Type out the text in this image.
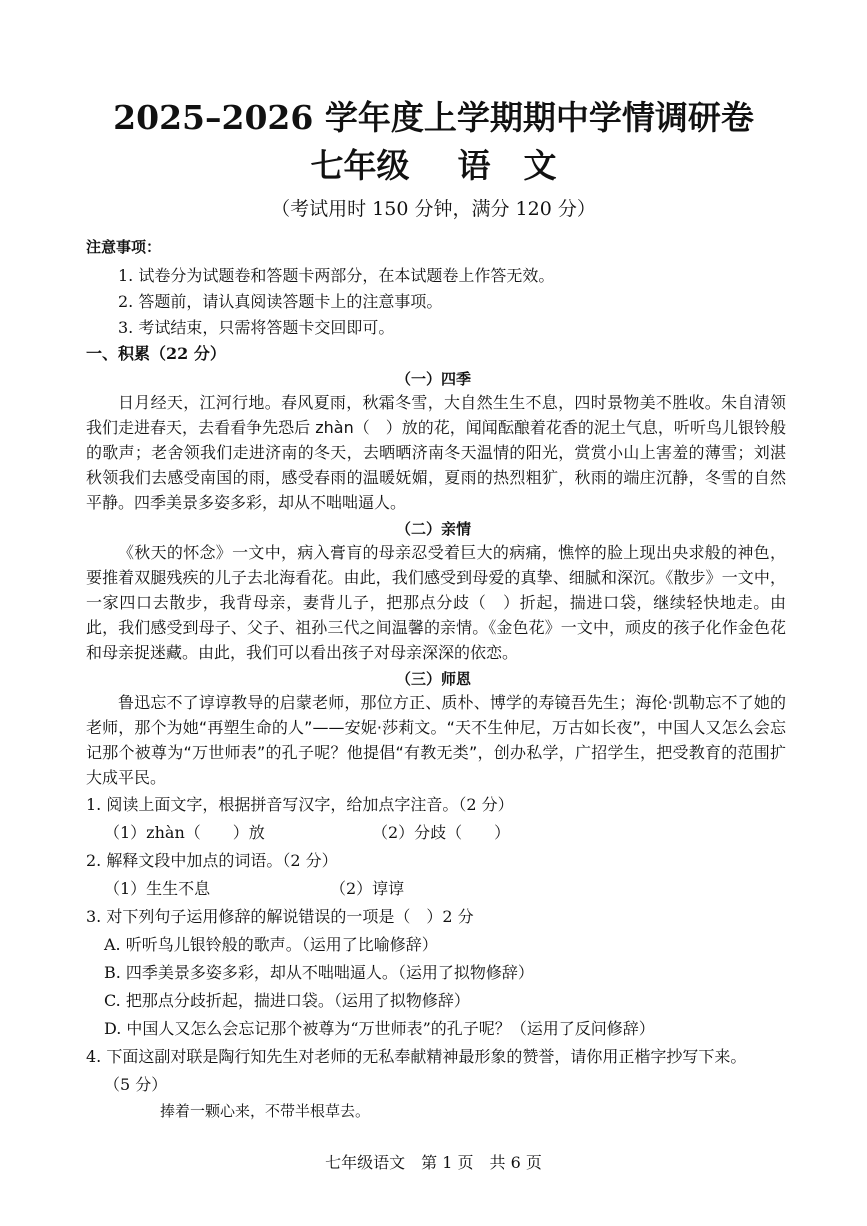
2025–2026 学年度上学期期中学情调研卷
七年级 语　文
（考试用时 150 分钟，满分 120 分）
注意事项：
1. 试卷分为试题卷和答题卡两部分，在本试题卷上作答无效。
2. 答题前，请认真阅读答题卡上的注意事项。
3. 考试结束，只需将答题卡交回即可。
一、积累（22 分）
（一）四季
日月经天，江河行地。春风夏雨，秋霜冬雪，大自然生生不息，四时景物美不胜收。朱自清领我们走进春天，去看看争先恐后 zhàn（　）放的花，闻闻酝酿着花香的泥土气息，听听鸟儿银铃般的歌声；老舍领我们走进济南的冬天，去晒晒济南冬天温情的阳光，赏赏小山上害羞的薄雪；刘湛秋领我们去感受南国的雨，感受春雨的温暖妩媚，夏雨的热烈粗犷，秋雨的端庄沉静，冬雪的自然平静。四季美景多姿多彩，却从不咄咄逼人。
（二）亲情
《秋天的怀念》一文中，病入膏肓的母亲忍受着巨大的病痛，憔悴的脸上现出央求般的神色，要推着双腿残疾的儿子去北海看花。由此，我们感受到母爱的真挚、细腻和深沉。《散步》一文中，一家四口去散步，我背母亲，妻背儿子，把那点分歧（　）折起，揣进口袋，继续轻快地走。由此，我们感受到母子、父子、祖孙三代之间温馨的亲情。《金色花》一文中，顽皮的孩子化作金色花和母亲捉迷藏。由此，我们可以看出孩子对母亲深深的依恋。
（三）师恩
鲁迅忘不了谆谆教导的启蒙老师，那位方正、质朴、博学的寿镜吾先生；海伦·凯勒忘不了她的老师，那个为她“再塑生命的人”——安妮·莎莉文。“天不生仲尼，万古如长夜”，中国人又怎么会忘记那个被尊为“万世师表”的孔子呢？他提倡“有教无类”，创办私学，广招学生，把受教育的范围扩大成平民。
1. 阅读上面文字，根据拼音写汉字，给加点字注音。（2 分）
（1）zhàn（　　）放	（2）分歧（　　）
2. 解释文段中加点的词语。（2 分）
（1）生生不息	（2）谆谆
3. 对下列句子运用修辞的解说错误的一项是（　）2 分
A. 听听鸟儿银铃般的歌声。（运用了比喻修辞）
B. 四季美景多姿多彩，却从不咄咄逼人。（运用了拟物修辞）
C. 把那点分歧折起，揣进口袋。（运用了拟物修辞）
D. 中国人又怎么会忘记那个被尊为“万世师表”的孔子呢？（运用了反问修辞）
4. 下面这副对联是陶行知先生对老师的无私奉献精神最形象的赞誉，请你用正楷字抄写下来。
（5 分）
捧着一颗心来，不带半根草去。
七年级语文　第 1 页　共 6 页
